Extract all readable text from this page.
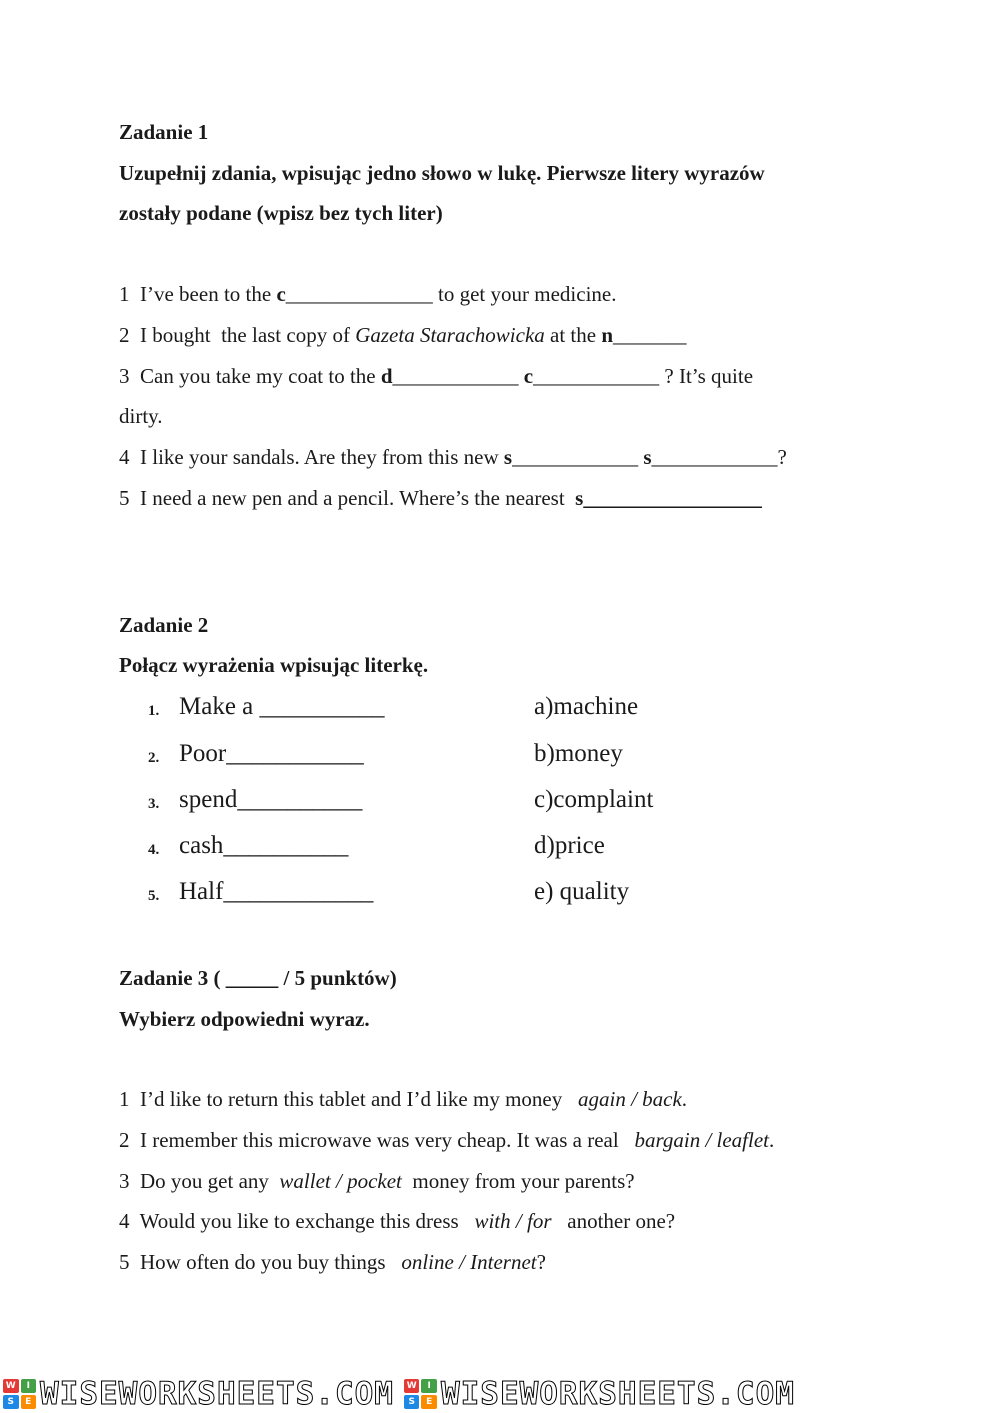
Zadanie 1
Uzupełnij zdania, wpisując jedno słowo w lukę. Pierwsze litery wyrazów
zostały podane (wpisz bez tych liter)
1 I’ve been to the c______________ to get your medicine.
2 I bought  the last copy of Gazeta Starachowicka at the n_______
3 Can you take my coat to the d____________ c____________ ? It’s quite
dirty.
4 I like your sandals. Are they from this new s____________ s____________?
5 I need a new pen and a pencil. Where’s the nearest  s_________________
Zadanie 2
Połącz wyrażenia wpisując literkę.
1. Make a __________	a)machine
2. Poor___________	b)money
3. spend__________	c)complaint
4. cash__________	d)price
5. Half____________	e) quality
Zadanie 3 ( _____ / 5 punktów)
Wybierz odpowiedni wyraz.
1 I’d like to return this tablet and I’d like my money   again / back.
2 I remember this microwave was very cheap. It was a real   bargain / leaflet.
3 Do you get any  wallet / pocket  money from your parents?
4 Would you like to exchange this dress   with / for   another one?
5 How often do you buy things   online / Internet?
W	I
S	E WISEWORKSHEETS.COM	W	I
S	E WISEWORKSHEETS.COM
